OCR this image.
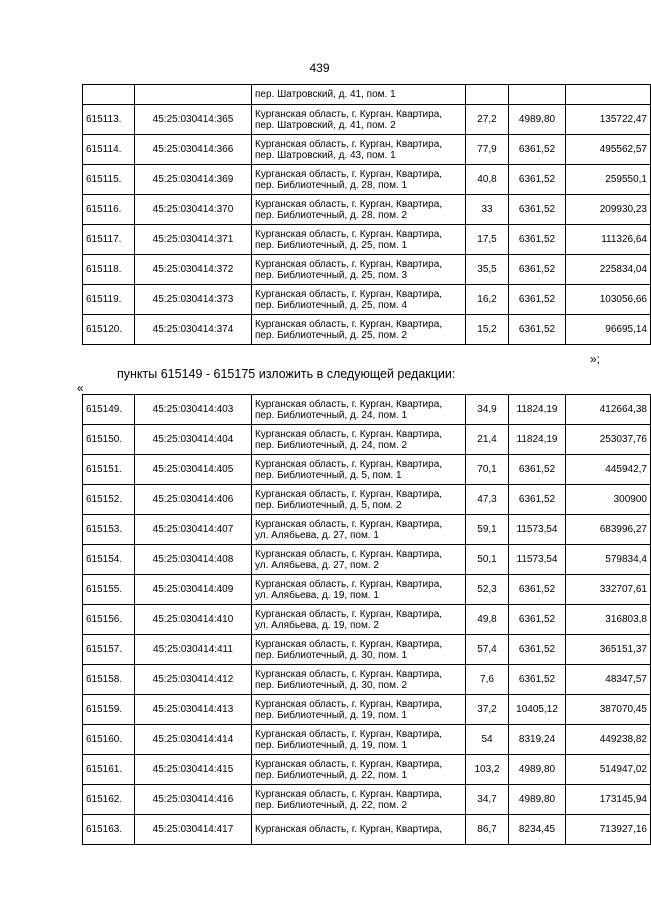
439
		пер. Шатровский, д. 41, пом. 1			
615113.	45:25:030414:365	Курганская область, г. Курган, Квартира,
пер. Шатровский, д. 41, пом. 2	27,2	4989,80	135722,47
615114.	45:25:030414:366	Курганская область, г. Курган, Квартира,
пер. Шатровский, д. 43, пом. 1	77,9	6361,52	495562,57
615115.	45:25:030414:369	Курганская область, г. Курган, Квартира,
пер. Библиотечный, д. 28, пом. 1	40,8	6361,52	259550,1
615116.	45:25:030414:370	Курганская область, г. Курган, Квартира,
пер. Библиотечный, д. 28, пом. 2	33	6361,52	209930,23
615117.	45:25:030414:371	Курганская область, г. Курган, Квартира,
пер. Библиотечный, д. 25, пом. 1	17,5	6361,52	111326,64
615118.	45:25:030414:372	Курганская область, г. Курган, Квартира,
пер. Библиотечный, д. 25, пом. 3	35,5	6361,52	225834,04
615119.	45:25:030414:373	Курганская область, г. Курган, Квартира,
пер. Библиотечный, д. 25, пом. 4	16,2	6361,52	103056,66
615120.	45:25:030414:374	Курганская область, г. Курган, Квартира,
пер. Библиотечный, д. 25, пом. 2	15,2	6361,52	96695,14
»;
пункты 615149 - 615175 изложить в следующей редакции:
«
615149.	45:25:030414:403	Курганская область, г. Курган, Квартира,
пер. Библиотечный, д. 24, пом. 1	34,9	11824,19	412664,38
615150.	45:25:030414:404	Курганская область, г. Курган, Квартира,
пер. Библиотечный, д. 24, пом. 2	21,4	11824,19	253037,76
615151.	45:25:030414:405	Курганская область, г. Курган, Квартира,
пер. Библиотечный, д. 5, пом. 1	70,1	6361,52	445942,7
615152.	45:25:030414:406	Курганская область, г. Курган, Квартира,
пер. Библиотечный, д. 5, пом. 2	47,3	6361,52	300900
615153.	45:25:030414:407	Курганская область, г. Курган, Квартира,
ул. Алябьева, д. 27, пом. 1	59,1	11573,54	683996,27
615154.	45:25:030414:408	Курганская область, г. Курган, Квартира,
ул. Алябьева, д. 27, пом. 2	50,1	11573,54	579834,4
615155.	45:25:030414:409	Курганская область, г. Курган, Квартира,
ул. Алябьева, д. 19, пом. 1	52,3	6361,52	332707,61
615156.	45:25:030414:410	Курганская область, г. Курган, Квартира,
ул. Алябьева, д. 19, пом. 2	49,8	6361,52	316803,8
615157.	45:25:030414:411	Курганская область, г. Курган, Квартира,
пер. Библиотечный, д. 30, пом. 1	57,4	6361,52	365151,37
615158.	45:25:030414:412	Курганская область, г. Курган, Квартира,
пер. Библиотечный, д. 30, пом. 2	7,6	6361,52	48347,57
615159.	45:25:030414:413	Курганская область, г. Курган, Квартира,
пер. Библиотечный, д. 19, пом. 1	37,2	10405,12	387070,45
615160.	45:25:030414:414	Курганская область, г. Курган, Квартира,
пер. Библиотечный, д. 19, пом. 1	54	8319,24	449238,82
615161.	45:25:030414:415	Курганская область, г. Курган, Квартира,
пер. Библиотечный, д. 22, пом. 1	103,2	4989,80	514947,02
615162.	45:25:030414:416	Курганская область, г. Курган, Квартира,
пер. Библиотечный, д. 22, пом. 2	34,7	4989,80	173145,94
615163.	45:25:030414:417	Курганская область, г. Курган, Квартира,	86,7	8234,45	713927,16
